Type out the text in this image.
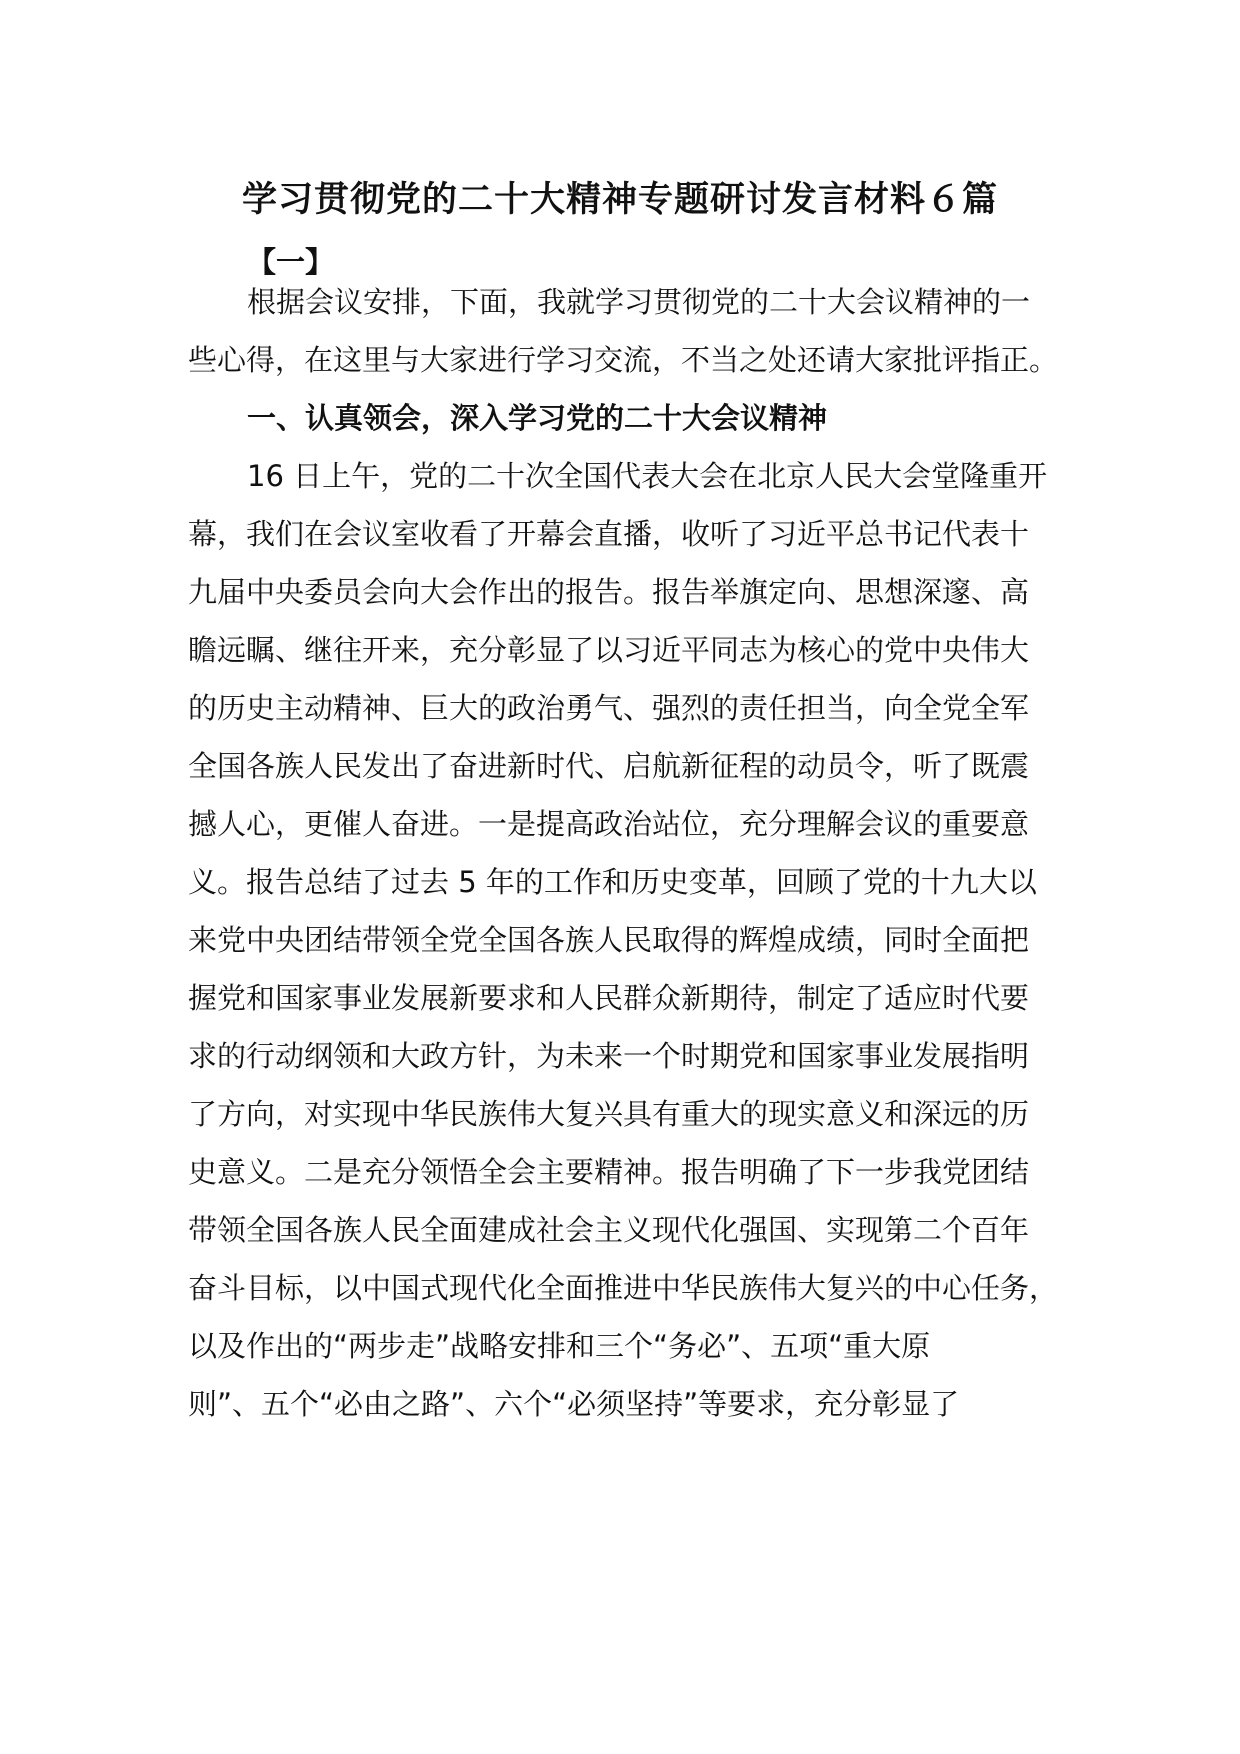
学习贯彻党的二十大精神专题研讨发言材料６篇
【一】
根据会议安排，下面，我就学习贯彻党的二十大会议精神的一
些心得，在这里与大家进行学习交流，不当之处还请大家批评指正。
一、认真领会，深入学习党的二十大会议精神
16 日上午，党的二十次全国代表大会在北京人民大会堂隆重开
幕，我们在会议室收看了开幕会直播，收听了习近平总书记代表十
九届中央委员会向大会作出的报告。报告举旗定向、思想深邃、高
瞻远瞩、继往开来，充分彰显了以习近平同志为核心的党中央伟大
的历史主动精神、巨大的政治勇气、强烈的责任担当，向全党全军
全国各族人民发出了奋进新时代、启航新征程的动员令，听了既震
撼人心，更催人奋进。一是提高政治站位，充分理解会议的重要意
义。报告总结了过去 5 年的工作和历史变革，回顾了党的十九大以
来党中央团结带领全党全国各族人民取得的辉煌成绩，同时全面把
握党和国家事业发展新要求和人民群众新期待，制定了适应时代要
求的行动纲领和大政方针，为未来一个时期党和国家事业发展指明
了方向，对实现中华民族伟大复兴具有重大的现实意义和深远的历
史意义。二是充分领悟全会主要精神。报告明确了下一步我党团结
带领全国各族人民全面建成社会主义现代化强国、实现第二个百年
奋斗目标，以中国式现代化全面推进中华民族伟大复兴的中心任务，
以及作出的“两步走”战略安排和三个“务必”、五项“重大原
则”、五个“必由之路”、六个“必须坚持”等要求，充分彰显了
